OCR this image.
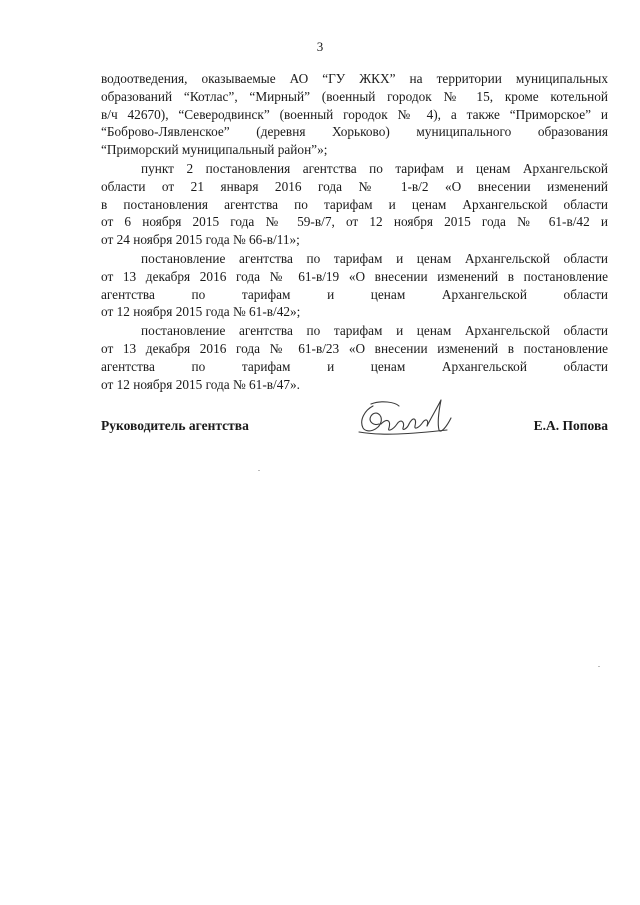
3

водоотведения, оказываемые АО “ГУ ЖКХ” на территории муниципальных
образований “Котлас”, “Мирный” (военный городок № 15, кроме котельной
в/ч 42670), “Северодвинск” (военный городок № 4), а также “Приморское” и
“Боброво-Лявленское” (деревня Хорьково) муниципального образования
“Приморский муниципальный район”»;

пункт 2 постановления агентства по тарифам и ценам Архангельской
области от 21 января 2016 года № 1-в/2 «О внесении изменений
в постановления агентства по тарифам и ценам Архангельской области
от 6 ноября 2015 года № 59-в/7, от 12 ноября 2015 года № 61-в/42 и
от 24 ноября 2015 года № 66-в/11»;

постановление агентства по тарифам и ценам Архангельской области
от 13 декабря 2016 года № 61-в/19 «О внесении изменений в постановление
агентства по тарифам и ценам Архангельской области
от 12 ноября 2015 года № 61-в/42»;

постановление агентства по тарифам и ценам Архангельской области
от 13 декабря 2016 года № 61-в/23 «О внесении изменений в постановление
агентства по тарифам и ценам Архангельской области
от 12 ноября 2015 года № 61-в/47».

Руководитель агентства	Е.А. Попова
